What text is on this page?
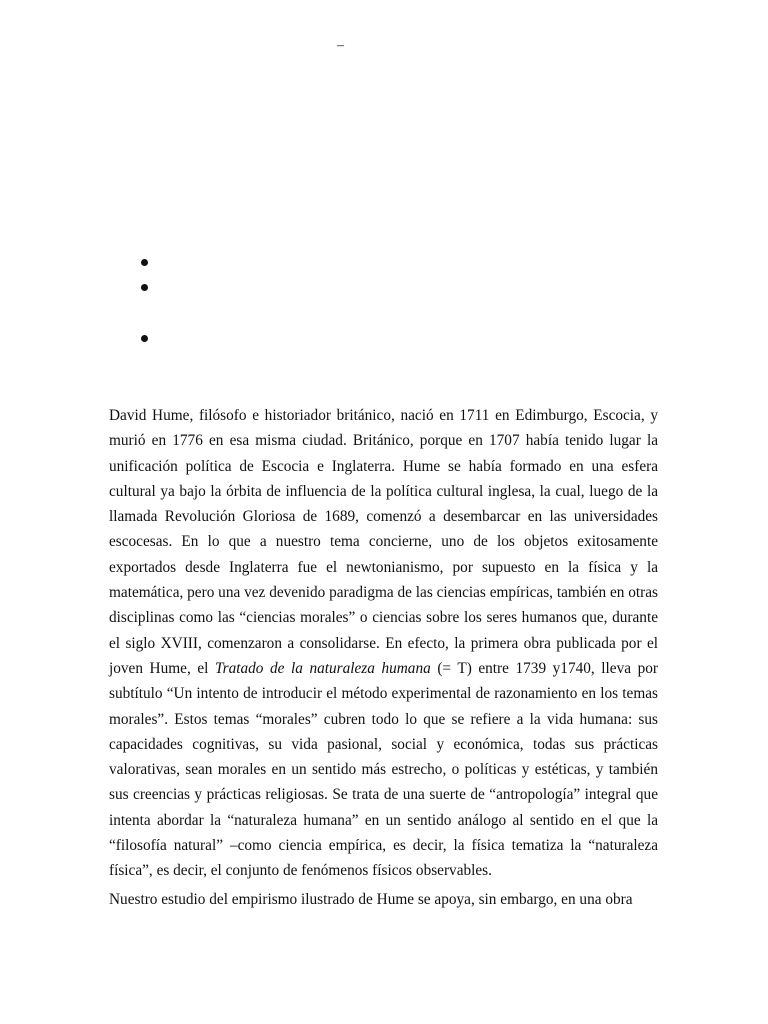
–

David Hume, filósofo e historiador británico, nació en 1711 en Edimburgo, Escocia, y murió en 1776 en esa misma ciudad. Británico, porque en 1707 había tenido lugar la unificación política de Escocia e Inglaterra. Hume se había formado en una esfera cultural ya bajo la órbita de influencia de la política cultural inglesa, la cual, luego de la llamada Revolución Gloriosa de 1689, comenzó a desembarcar en las universidades escocesas. En lo que a nuestro tema concierne, uno de los objetos exitosamente exportados desde Inglaterra fue el newtonianismo, por supuesto en la física y la matemática, pero una vez devenido paradigma de las ciencias empíricas, también en otras disciplinas como las “ciencias morales” o ciencias sobre los seres humanos que, durante el siglo XVIII, comenzaron a consolidarse. En efecto, la primera obra publicada por el joven Hume, el Tratado de la naturaleza humana (= T) entre 1739 y1740, lleva por subtítulo “Un intento de introducir el método experimental de razonamiento en los temas morales”. Estos temas “morales” cubren todo lo que se refiere a la vida humana: sus capacidades cognitivas, su vida pasional, social y económica, todas sus prácticas valorativas, sean morales en un sentido más estrecho, o políticas y estéticas, y también sus creencias y prácticas religiosas. Se trata de una suerte de “antropología” integral que intenta abordar la “naturaleza humana” en un sentido análogo al sentido en el que la “filosofía natural” –como ciencia empírica, es decir, la física tematiza la “naturaleza física”, es decir, el conjunto de fenómenos físicos observables.

Nuestro estudio del empirismo ilustrado de Hume se apoya, sin embargo, en una obra
